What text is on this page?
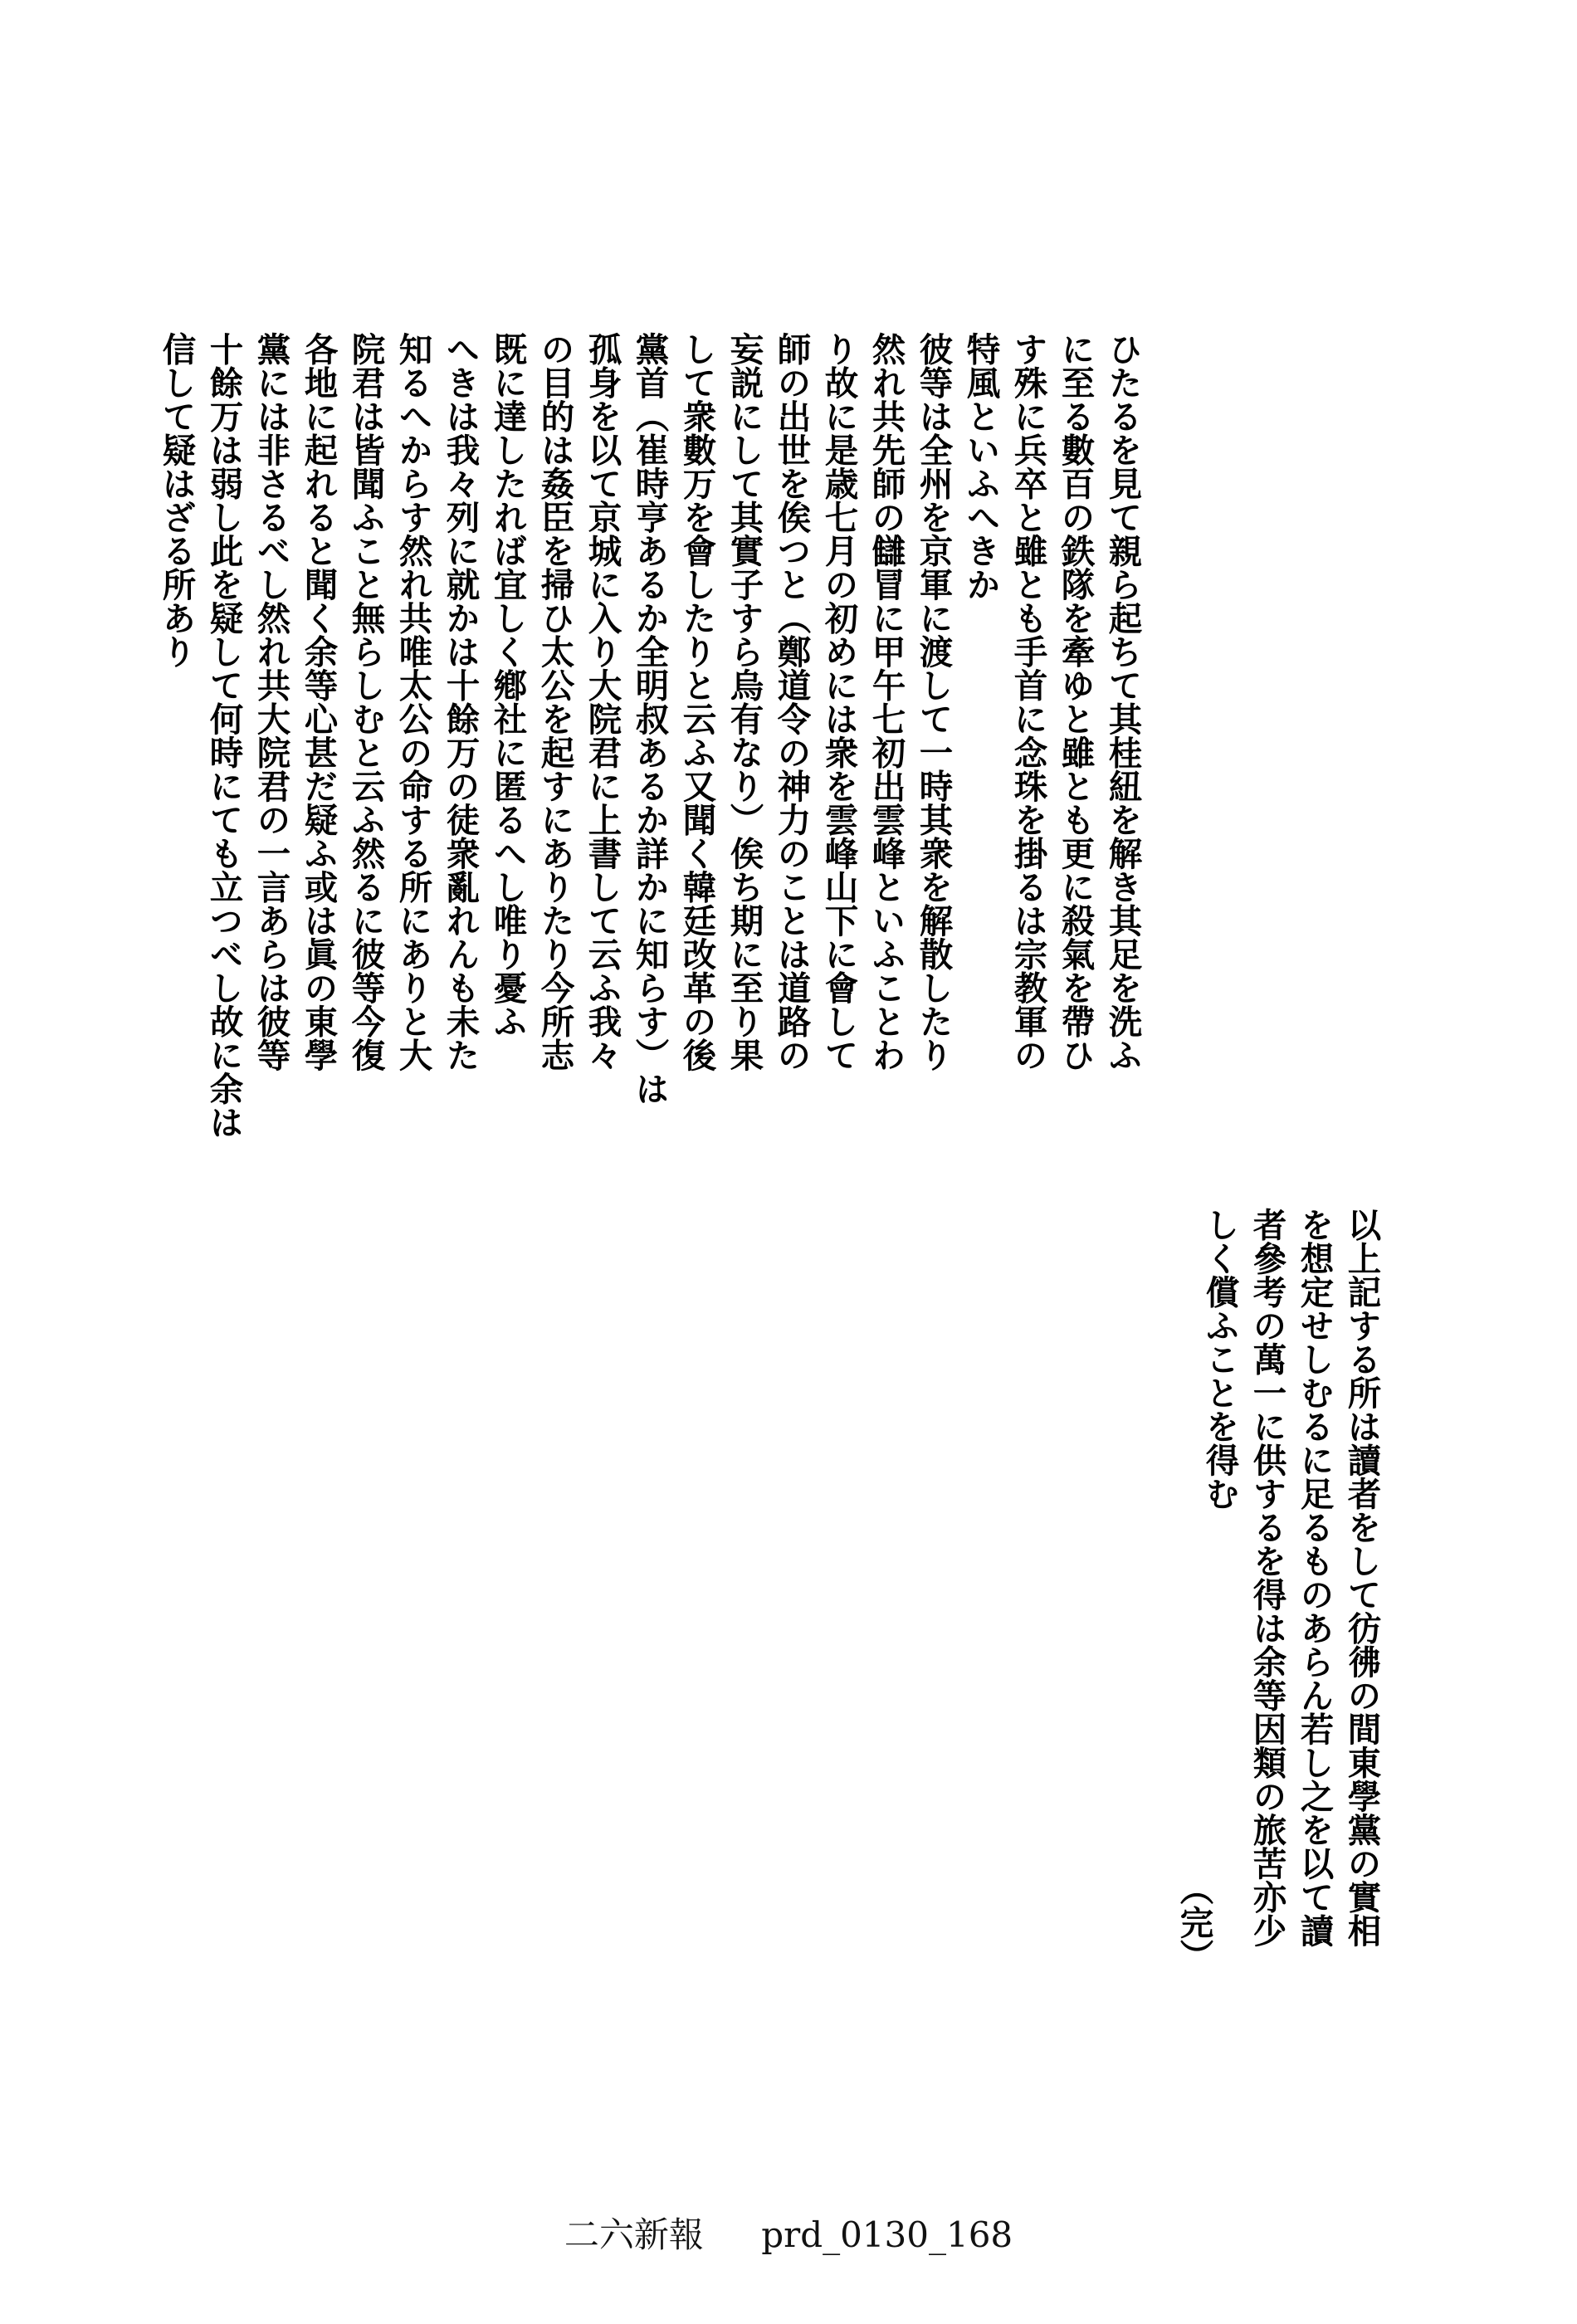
ひたるを見て親ら起ちて其桂紐を解き其足を洗ふ
に至る數百の鉄隊を牽ゆと雖とも更に殺氣を帶ひ
す殊に兵卒と雖とも手首に念珠を掛るは宗教軍の
特風といふへきか
彼等は全州を京軍に渡して一時其衆を解散したり
然れ共先師の讎冒に甲午七初出雲峰といふことわ
り故に是歳七月の初めには衆を雲峰山下に會して
師の出世を俟つと（鄭道令の神力のことは道路の
妄説にして其實子すら烏有なり）俟ち期に至り果
して衆數万を會したりと云ふ又聞く韓廷改革の後
黨首（崔時亨あるか全明叔あるか詳かに知らす）は
孤身を以て京城に入り大院君に上書して云ふ我々
の目的は姦臣を掃ひ太公を起すにありたり今所志
既に達したれば宜しく鄕社に匿るへし唯り憂ふ
へきは我々列に就かは十餘万の徒衆亂れんも未た
知るへからす然れ共唯太公の命する所にありと大
院君は皆聞ふこと無らしむと云ふ然るに彼等今復
各地に起れると聞く余等心甚だ疑ふ或は眞の東學
黨には非さるべし然れ共大院君の一言あらは彼等
十餘万は弱し此を疑して何時にても立つべし故に余は
信して疑はざる所あり
以上記する所は讀者をして彷彿の間東學黨の實相
を想定せしむるに足るものあらん若し之を以て讀
者參考の萬一に供するを得は余等因類の旅苦亦少
しく償ふことを得む
（完）
二六新報 prd_0130_168
